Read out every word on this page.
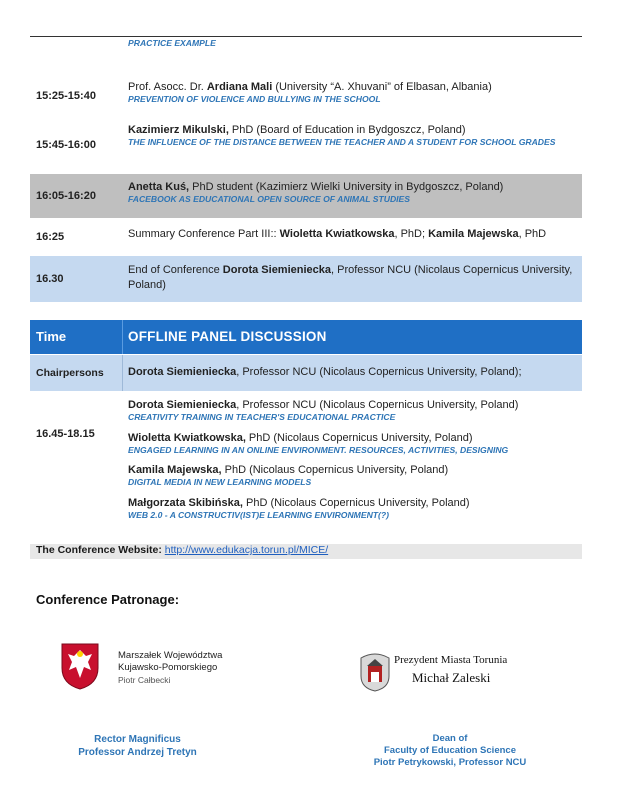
PRACTICE EXAMPLE
15:25-15:40
Prof. Asocc. Dr. Ardiana Mali (University “A. Xhuvani” of Elbasan, Albania)
PREVENTION OF VIOLENCE AND BULLYING IN THE SCHOOL
15:45-16:00
Kazimierz Mikulski, PhD (Board of Education in Bydgoszcz, Poland)
THE INFLUENCE OF THE DISTANCE BETWEEN THE TEACHER AND A STUDENT FOR SCHOOL GRADES
16:05-16:20
Anetta Kuś, PhD student (Kazimierz Wielki University in Bydgoszcz, Poland)
FACEBOOK AS EDUCATIONAL OPEN SOURCE OF ANIMAL STUDIES
16:25	Summary Conference Part III:: Wioletta Kwiatkowska, PhD; Kamila Majewska, PhD
16.30
End of Conference Dorota Siemieniecka, Professor NCU (Nicolaus Copernicus University, Poland)
Time	OFFLINE PANEL DISCUSSION
Chairpersons Dorota Siemieniecka, Professor NCU (Nicolaus Copernicus University, Poland);
16.45-18.15
Dorota Siemieniecka, Professor NCU (Nicolaus Copernicus University, Poland)
CREATIVITY TRAINING IN TEACHER'S EDUCATIONAL PRACTICE
Wioletta Kwiatkowska, PhD (Nicolaus Copernicus University, Poland)
ENGAGED LEARNING IN AN ONLINE ENVIRONMENT. RESOURCES, ACTIVITIES, DESIGNING
Kamila Majewska, PhD (Nicolaus Copernicus University, Poland)
DIGITAL MEDIA IN NEW LEARNING MODELS
Małgorzata Skibińska, PhD (Nicolaus Copernicus University, Poland)
WEB 2.0 - A CONSTRUCTIV(IST)E LEARNING ENVIRONMENT(?)
The Conference Website: http://www.edukacja.torun.pl/MICE/
Conference Patronage:
Marszałek Województwa
Kujawsko-Pomorskiego
Piotr Całbecki
Prezydent Miasta Torunia
Michał Zaleski
Rector Magnificus
Professor Andrzej Tretyn
Dean of
Faculty of Education Science
Piotr Petrykowski, Professor NCU
